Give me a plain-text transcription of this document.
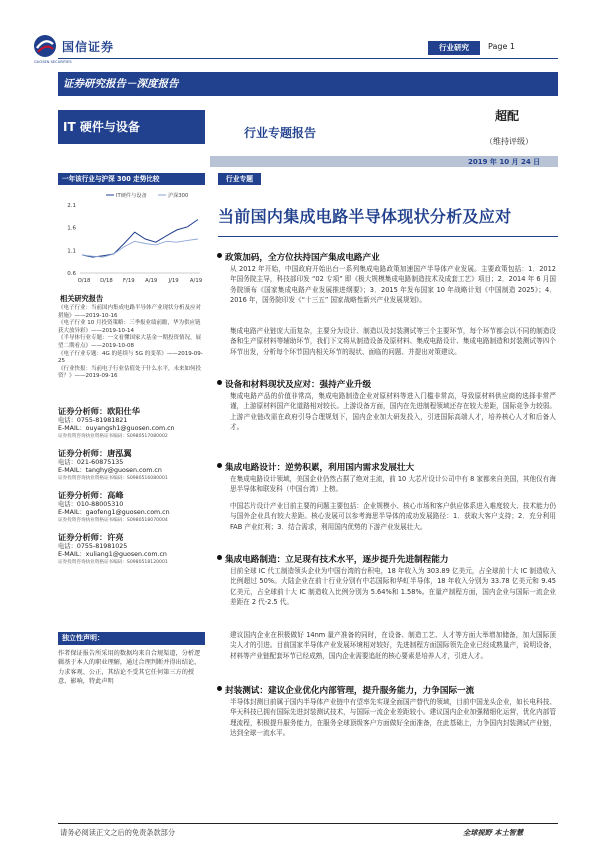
国信证券
GUOSEN SECURITIES
行业研究	Page 1
证券研究报告－深度报告
IT 硬件与设备	行业专题报告
超配
（维持评级）
2019 年 10 月 24 日
一年该行业与沪深 300 走势比较
2.1
1.6
1.1
0.6
O/18 D/18 F/19 A/19 J/19 A/19
IT硬件与设备	沪深300
相关研究报告
《电子行业：当前国内集成电路半导体产业现状分析及应对措施》——2019-10-16
《电子行业 10 月投资策略：三季报业绩前瞻，华为供应链获大放异彩》——2019-10-14
《半导体行业专题：一文看懂国家大基金一期投资情况，展望二期看点》——2019-10-08
《电子行业专题：4G 的延续与 5G 的变革》——2019-09-25
《行业快报：当前电子行业估值处于什么水平，未来如何投资？》——2019-09-16
证券分析师：欧阳仕华
电话：0755-81981821
E-MAIL：ouyangsh1@guosen.com.cn
证券投资咨询执业资格证书编码：S0980517080002
证券分析师：唐泓翼
电话：021-60875135
E-MAIL：tanghy@guosen.com.cn
证券投资咨询执业资格证书编码：S0980516080001
证券分析师：高峰
电话：010-88005310
E-MAIL：gaofeng1@guosen.com.cn
证券投资咨询执业资格证书编码：S0980518070004
证券分析师：许亮
电话：0755-81981025
E-MAIL：xuliang1@guosen.com.cn
证券投资咨询执业资格证书编码：S0980518120001
独立性声明：
作者保证报告所采用的数据均来自合规渠道，分析逻辑基于本人的职业理解，通过合理判断并得出结论，力求客观、公正，其结论不受其它任何第三方的授意、影响，特此声明
行业专题
当前国内集成电路半导体现状分析及应对
政策加码，全方位扶持国产集成电路产业
从 2012 年开始，中国政府开始出台一系列集成电路政策加速国产半导体产业发展。主要政策包括：1．2012 年国务院主导，科技部印发 “02 专项” 即《极大规模集成电路制造技术及成套工艺》项目；2．2014 年 6 月国务院颁布《国家集成电路产业发展推进纲要》；3．2015 年发布国家 10 年战略计划《中国制造 2025》；4．2016 年，国务院印发《“十三五” 国家战略性新兴产业发展规划》。
集成电路产业链庞大而复杂，主要分为设计、制造以及封装测试等三个主要环节，每个环节都会以不同的制造设备和生产原材料等辅助环节，我们下文将从制造设备及原材料、集成电路设计、集成电路制造和封装测试等四个环节出发，分析每个环节国内相关环节的现状、面临的问题、并提出对策建议。
设备和材料现状及应对：强持产业升级
集成电路产品的价值非常高，集成电路制造企业对原材料等进入门槛非常高，导致原材料供应商的选择非常严谨，上游原材料国产化道路相对较长。上游设备方面，国内在先进制程领域还存在较大差距，国际竞争力较弱。上游产业链改需在政府引导合理规划下，国内企业加大研发投入，引进国际高端人才，培养核心人才和后备人才。
集成电路设计：逆势积累，利用国内需求发展壮大
在集成电路设计领域，美国企业仍然占据了绝对主流，前 10 大芯片设计公司中有 8 家都来自美国，其他仅有海思半导体和联发科（中国台湾）上榜。
中国芯片设计产业目前主要的问题主要包括：企业规模小、核心市场和客户供应体系进入难度较大、技术能力仍与国外企业具有较大差距。核心发展可以参考海思半导体的成功发展路径：1．获取大客户支持；2．充分利用 FAB 产业红利；3．结合需求，利用国内优势的下游产业发展壮大。
集成电路制造：立足现有技术水平，逐步提升先进制程能力
目前全球 IC 代工制造领头企业为中国台湾的台积电，18 年收入为 303.89 亿美元，占全球前十大 IC 制造收入比例超过 50%。大陆企业在前十行业分别有中芯国际和华虹半导体，18 年收入分别为 33.78 亿美元和 9.45 亿美元，占全球前十大 IC 制造收入比例分别为 5.64%和 1.58%。在量产制程方面，国内企业与国际一流企业差距在 2 代-2.5 代。
建议国内企业在积极做好 14nm 量产准备的同时，在设备、制造工艺、人才等方面大举增加储备，加大国际顶尖人才的引进。目前国家半导体产业发展环境相对较好，先进制程方面国际领先企业已经成熟量产，说明设备，材料等产业链配套环节已经成熟，国内企业需要追赶的核心要素是培养人才，引进人才。
封装测试：建议企业优化内部管理，提升服务能力，力争国际一流
半导体封测目前属于国内半导体产业链中有望率先实现全面国产替代的领域，目前中国龙头企业，如长电科技、华天科技已拥有国际先进封装测试技术，与国际一流企业差距较小。建议国内企业加强精细化运营，优化内部管理流程，积极提升服务能力，在服务全球顶级客户方面做好全面准备，在此基础上，力争国内封装测试产业链，达到全球一流水平。
请务必阅读正文之后的免责条款部分	全球视野 本土智慧
